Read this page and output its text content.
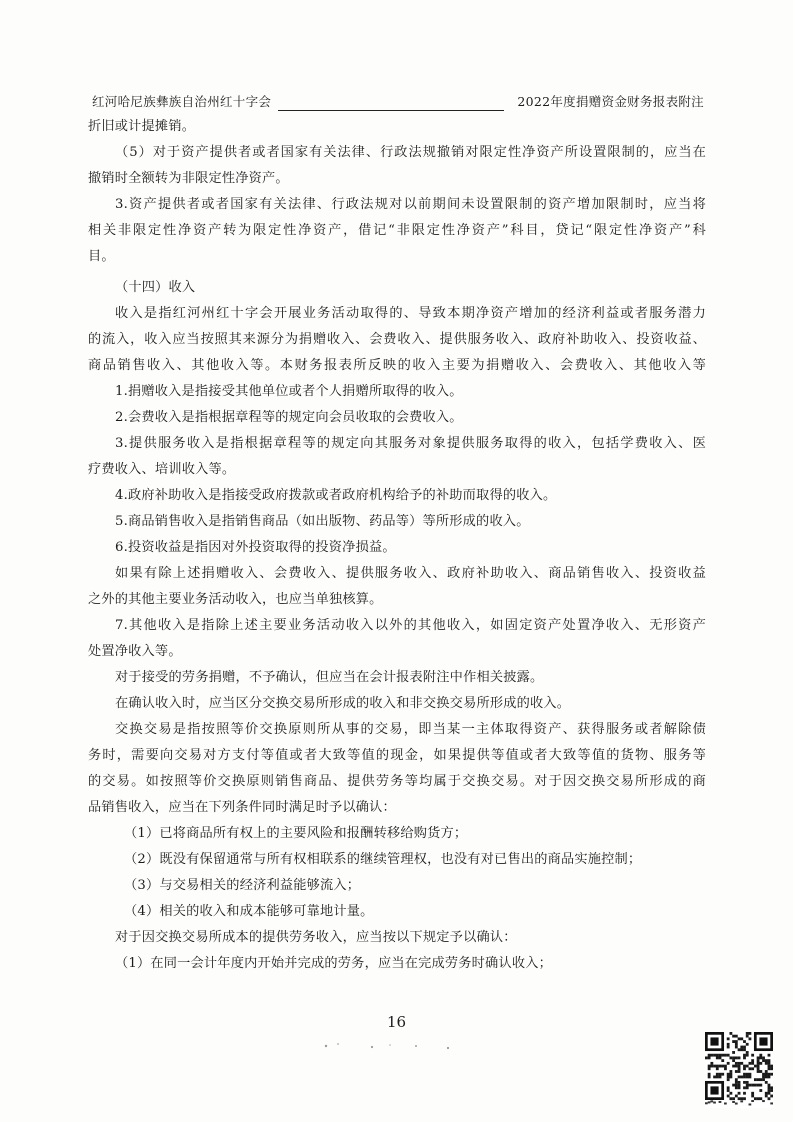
红河哈尼族彝族自治州红十字会	2022年度捐赠资金财务报表附注
折旧或计提摊销。
（5）对于资产提供者或者国家有关法律、行政法规撤销对限定性净资产所设置限制的，应当在
撤销时全额转为非限定性净资产。
3.资产提供者或者国家有关法律、行政法规对以前期间未设置限制的资产增加限制时，应当将
相关非限定性净资产转为限定性净资产，借记“非限定性净资产”科目，贷记“限定性净资产”科
目。
（十四）收入
收入是指红河州红十字会开展业务活动取得的、导致本期净资产增加的经济利益或者服务潜力
的流入，收入应当按照其来源分为捐赠收入、会费收入、提供服务收入、政府补助收入、投资收益、
商品销售收入、其他收入等。本财务报表所反映的收入主要为捐赠收入、会费收入、其他收入等
1.捐赠收入是指接受其他单位或者个人捐赠所取得的收入。
2.会费收入是指根据章程等的规定向会员收取的会费收入。
3.提供服务收入是指根据章程等的规定向其服务对象提供服务取得的收入，包括学费收入、医
疗费收入、培训收入等。
4.政府补助收入是指接受政府拨款或者政府机构给予的补助而取得的收入。
5.商品销售收入是指销售商品（如出版物、药品等）等所形成的收入。
6.投资收益是指因对外投资取得的投资净损益。
如果有除上述捐赠收入、会费收入、提供服务收入、政府补助收入、商品销售收入、投资收益
之外的其他主要业务活动收入，也应当单独核算。
7.其他收入是指除上述主要业务活动收入以外的其他收入，如固定资产处置净收入、无形资产
处置净收入等。
对于接受的劳务捐赠，不予确认，但应当在会计报表附注中作相关披露。
在确认收入时，应当区分交换交易所形成的收入和非交换交易所形成的收入。
交换交易是指按照等价交换原则所从事的交易，即当某一主体取得资产、获得服务或者解除债
务时，需要向交易对方支付等值或者大致等值的现金，如果提供等值或者大致等值的货物、服务等
的交易。如按照等价交换原则销售商品、提供劳务等均属于交换交易。对于因交换交易所形成的商
品销售收入，应当在下列条件同时满足时予以确认：
（1）已将商品所有权上的主要风险和报酬转移给购货方；
（2）既没有保留通常与所有权相联系的继续管理权，也没有对已售出的商品实施控制；
（3）与交易相关的经济利益能够流入；
（4）相关的收入和成本能够可靠地计量。
对于因交换交易所成本的提供劳务收入，应当按以下规定予以确认：
（1）在同一会计年度内开始并完成的劳务，应当在完成劳务时确认收入；
16
